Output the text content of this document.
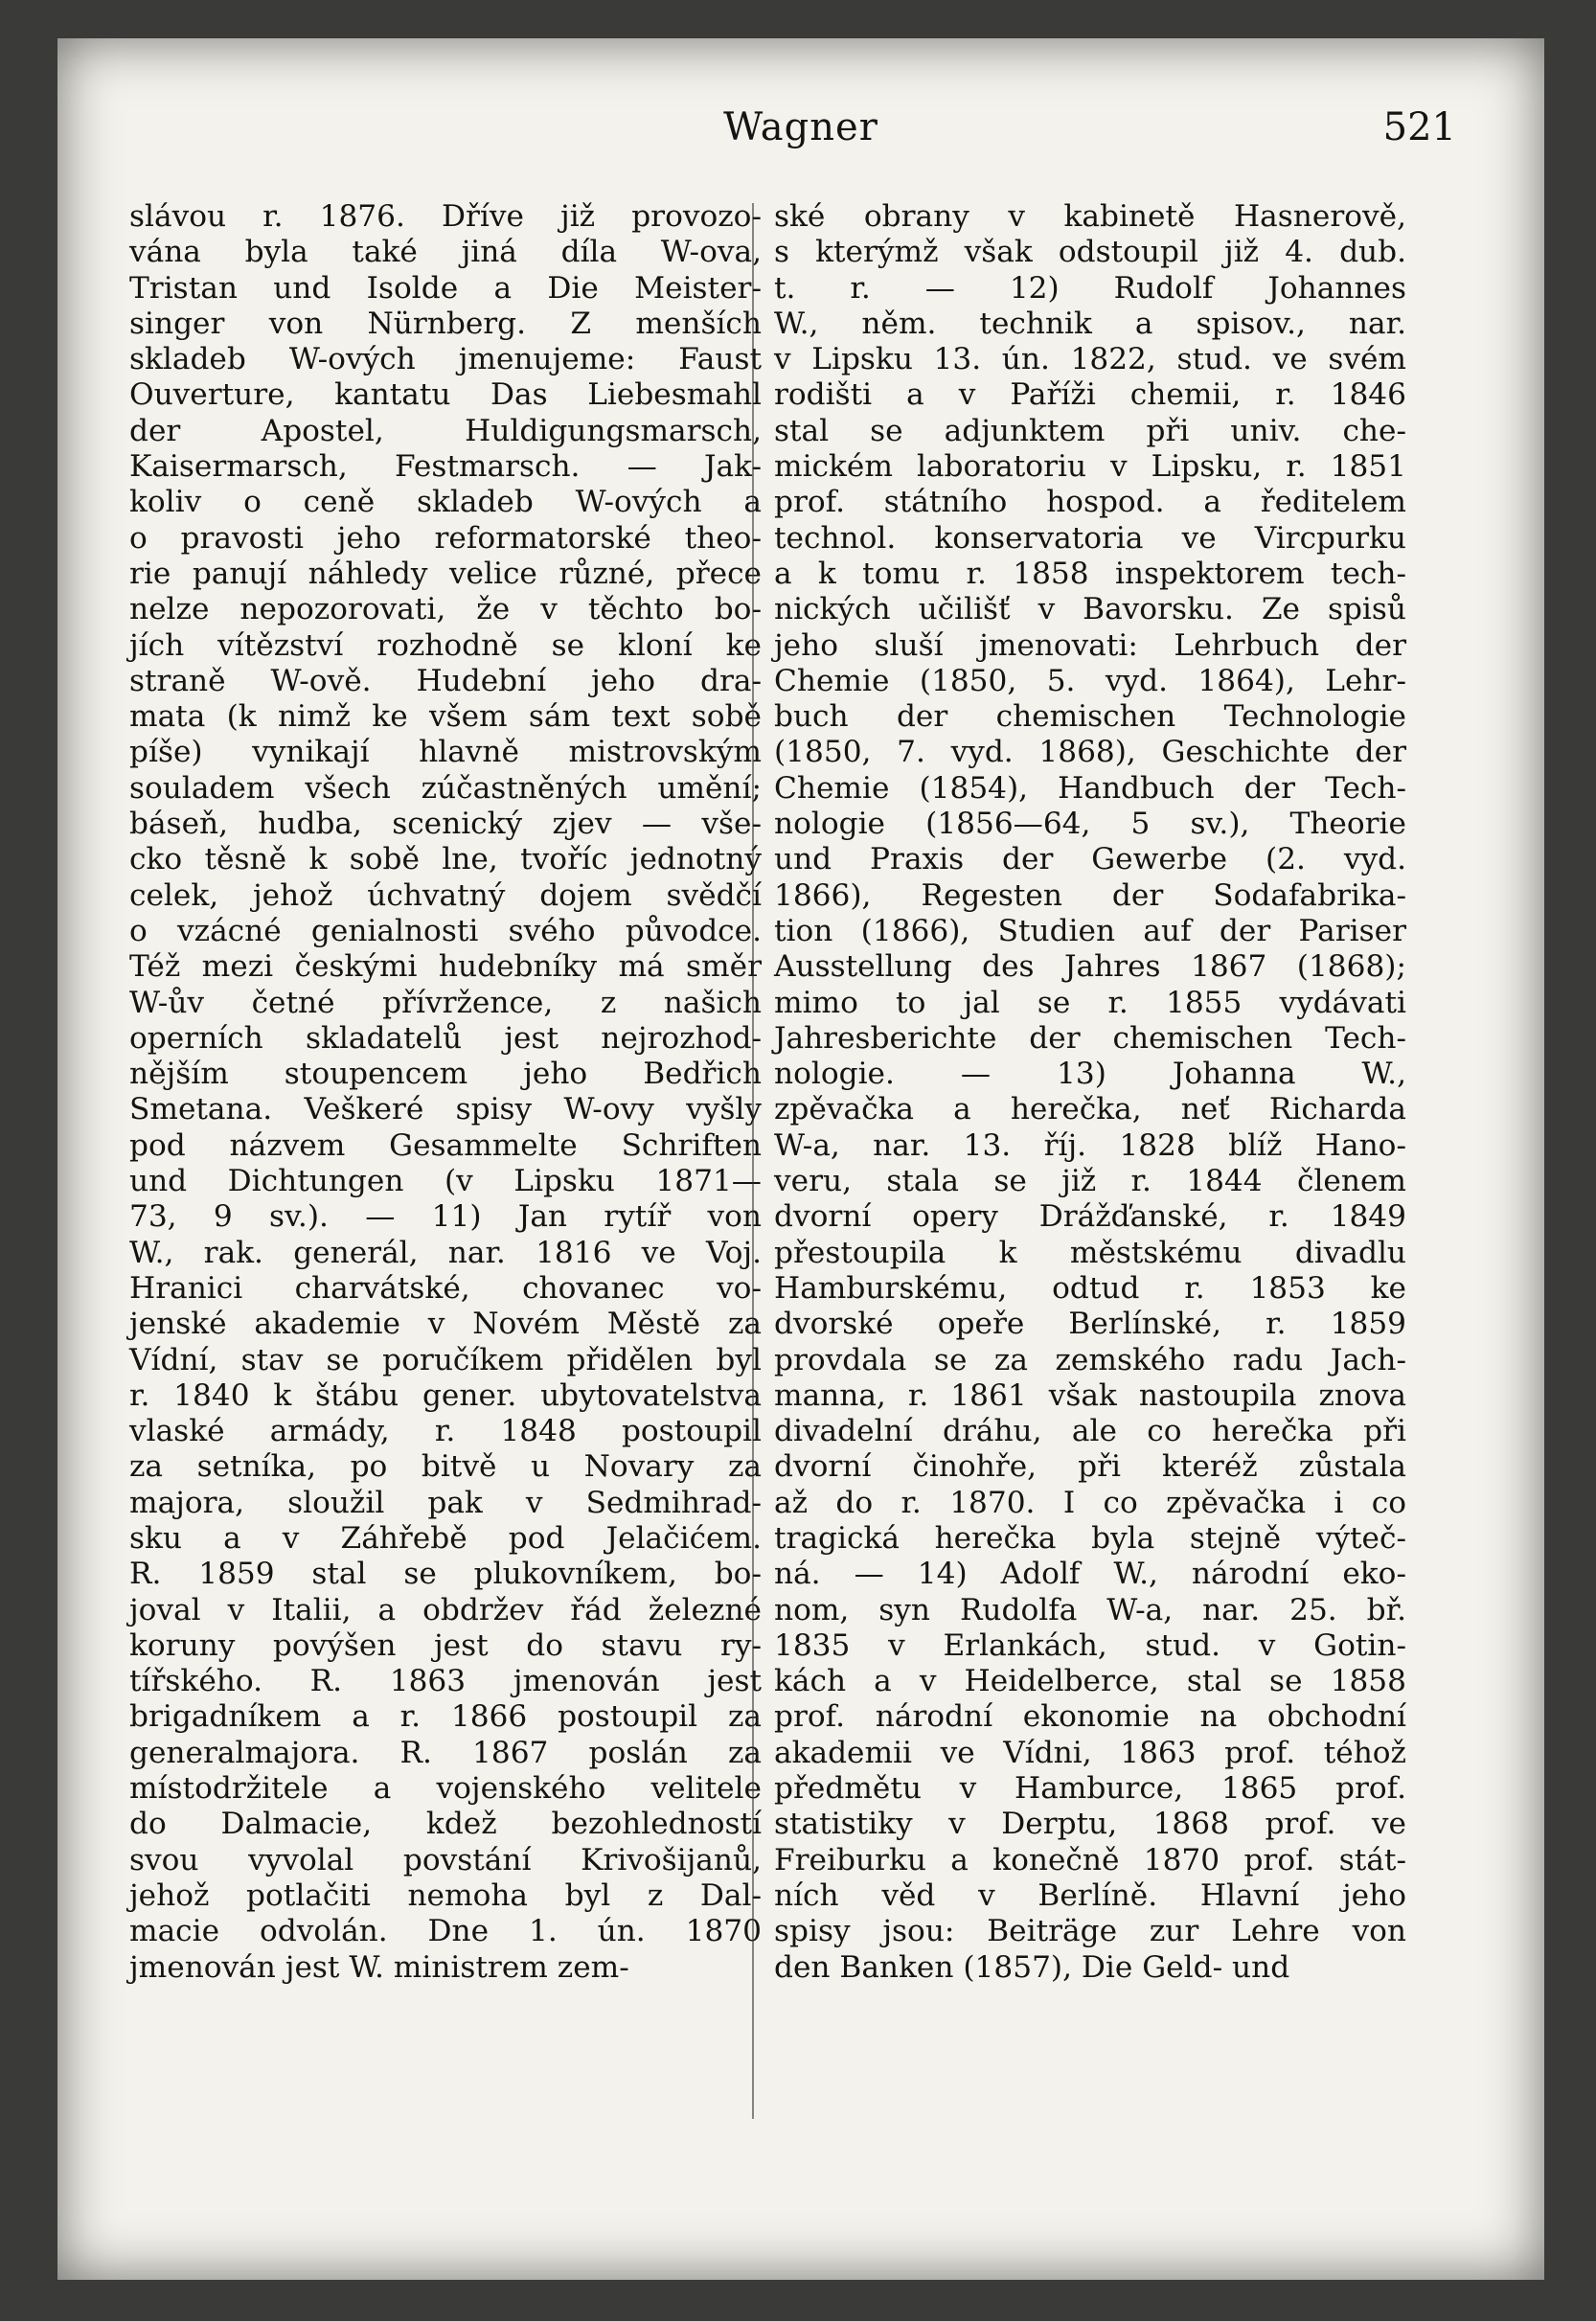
Wagner	521
slávou r. 1876. Dříve již provozo-
vána byla také jiná díla W-ova,
Tristan und Isolde a Die Meister-
singer von Nürnberg. Z menších
skladeb W-ových jmenujeme: Faust
Ouverture, kantatu Das Liebesmahl
der Apostel, Huldigungsmarsch,
Kaisermarsch, Festmarsch. — Jak-
koliv o ceně skladeb W-ových a
o pravosti jeho reformatorské theo-
rie panují náhledy velice různé, přece
nelze nepozorovati, že v těchto bo-
jích vítězství rozhodně se kloní ke
straně W-ově. Hudební jeho dra-
mata (k nimž ke všem sám text sobě
píše) vynikají hlavně mistrovským
souladem všech zúčastněných umění;
báseň, hudba, scenický zjev — vše-
cko těsně k sobě lne, tvoříc jednotný
celek, jehož úchvatný dojem svědčí
o vzácné genialnosti svého původce.
Též mezi českými hudebníky má směr
W-ův četné přívržence, z našich
operních skladatelů jest nejrozhod-
nějším stoupencem jeho Bedřich
Smetana. Veškeré spisy W-ovy vyšly
pod názvem Gesammelte Schriften
und Dichtungen (v Lipsku 1871—
73, 9 sv.). — 11) Jan rytíř von
W., rak. generál, nar. 1816 ve Voj.
Hranici charvátské, chovanec vo-
jenské akademie v Novém Městě za
Vídní, stav se poručíkem přidělen byl
r. 1840 k štábu gener. ubytovatelstva
vlaské armády, r. 1848 postoupil
za setníka, po bitvě u Novary za
majora, sloužil pak v Sedmihrad-
sku a v Záhřebě pod Jelačićem.
R. 1859 stal se plukovníkem, bo-
joval v Italii, a obdržev řád železné
koruny povýšen jest do stavu ry-
tířského. R. 1863 jmenován jest
brigadníkem a r. 1866 postoupil za
generalmajora. R. 1867 poslán za
místodržitele a vojenského velitele
do Dalmacie, kdež bezohledností
svou vyvolal povstání Krivošijanů,
jehož potlačiti nemoha byl z Dal-
macie odvolán. Dne 1. ún. 1870
jmenován jest W. ministrem zem-
ské obrany v kabinetě Hasnerově,
s kterýmž však odstoupil již 4. dub.
t. r. — 12) Rudolf Johannes
W., něm. technik a spisov., nar.
v Lipsku 13. ún. 1822, stud. ve svém
rodišti a v Paříži chemii, r. 1846
stal se adjunktem při univ. che-
mickém laboratoriu v Lipsku, r. 1851
prof. státního hospod. a ředitelem
technol. konservatoria ve Vircpurku
a k tomu r. 1858 inspektorem tech-
nických učilišť v Bavorsku. Ze spisů
jeho sluší jmenovati: Lehrbuch der
Chemie (1850, 5. vyd. 1864), Lehr-
buch der chemischen Technologie
(1850, 7. vyd. 1868), Geschichte der
Chemie (1854), Handbuch der Tech-
nologie (1856—64, 5 sv.), Theorie
und Praxis der Gewerbe (2. vyd.
1866), Regesten der Sodafabrika-
tion (1866), Studien auf der Pariser
Ausstellung des Jahres 1867 (1868);
mimo to jal se r. 1855 vydávati
Jahresberichte der chemischen Tech-
nologie. — 13) Johanna W.,
zpěvačka a herečka, neť Richarda
W-a, nar. 13. říj. 1828 blíž Hano-
veru, stala se již r. 1844 členem
dvorní opery Drážďanské, r. 1849
přestoupila k městskému divadlu
Hamburskému, odtud r. 1853 ke
dvorské opeře Berlínské, r. 1859
provdala se za zemského radu Jach-
manna, r. 1861 však nastoupila znova
divadelní dráhu, ale co herečka při
dvorní činohře, při kteréž zůstala
až do r. 1870. I co zpěvačka i co
tragická herečka byla stejně výteč-
ná. — 14) Adolf W., národní eko-
nom, syn Rudolfa W-a, nar. 25. bř.
1835 v Erlankách, stud. v Gotin-
kách a v Heidelberce, stal se 1858
prof. národní ekonomie na obchodní
akademii ve Vídni, 1863 prof. téhož
předmětu v Hamburce, 1865 prof.
statistiky v Derptu, 1868 prof. ve
Freiburku a konečně 1870 prof. stát-
ních věd v Berlíně. Hlavní jeho
spisy jsou: Beiträge zur Lehre von
den Banken (1857), Die Geld- und
